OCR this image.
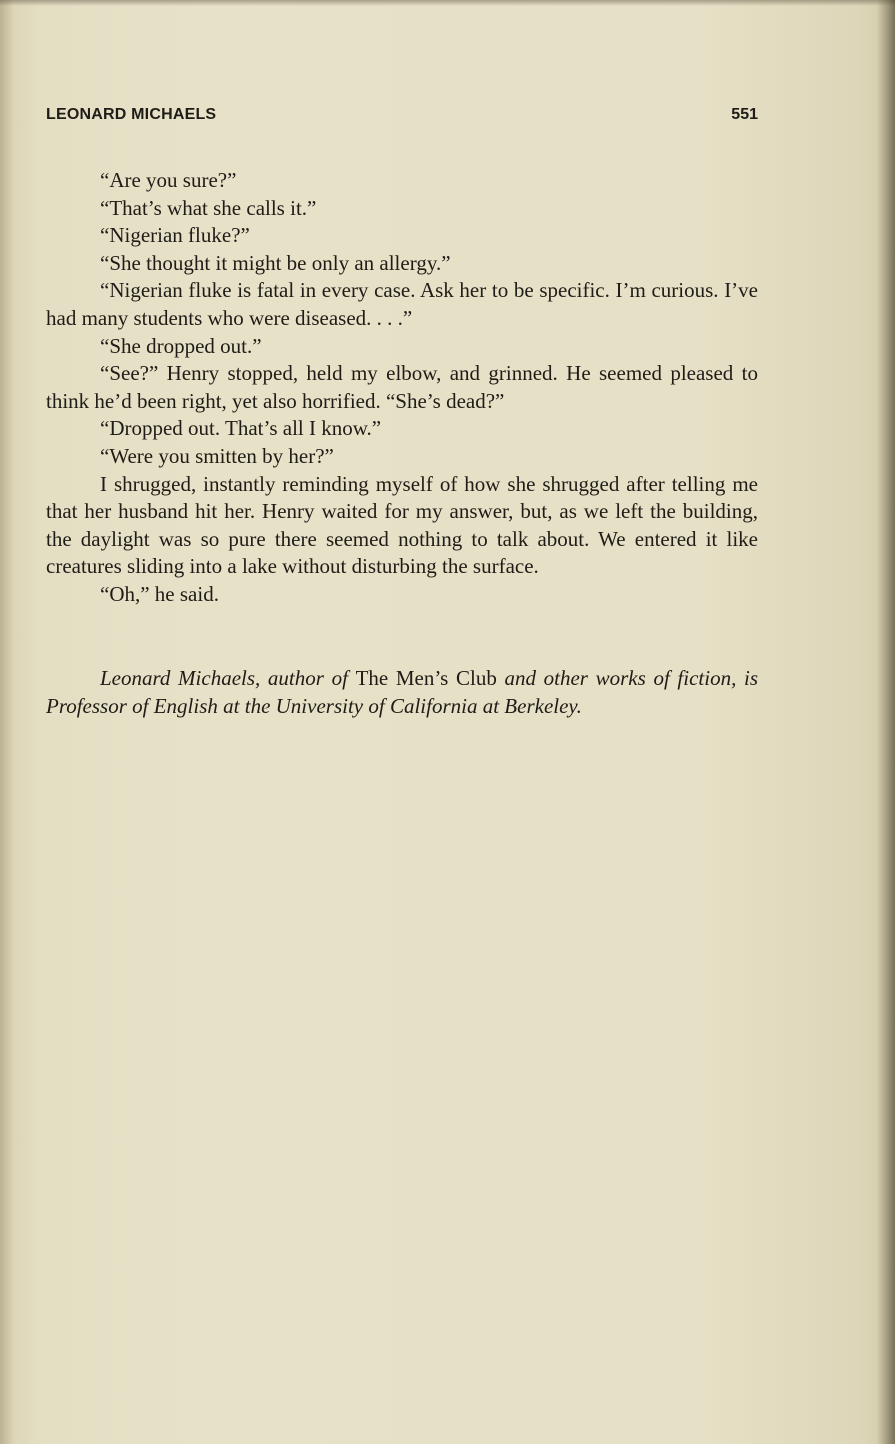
LEONARD MICHAELS	551

“Are you sure?”

“That’s what she calls it.”

“Nigerian fluke?”

“She thought it might be only an allergy.”

“Nigerian fluke is fatal in every case. Ask her to be specific. I’m curious. I’ve had many students who were diseased. . . .”

“She dropped out.”

“See?” Henry stopped, held my elbow, and grinned. He seemed pleased to think he’d been right, yet also horrified. “She’s dead?”

“Dropped out. That’s all I know.”

“Were you smitten by her?”

I shrugged, instantly reminding myself of how she shrugged after telling me that her husband hit her. Henry waited for my answer, but, as we left the building, the daylight was so pure there seemed nothing to talk about. We entered it like creatures sliding into a lake without disturbing the surface.

“Oh,” he said.

Leonard Michaels, author of The Men’s Club and other works of fiction, is Professor of English at the University of California at Berkeley.
